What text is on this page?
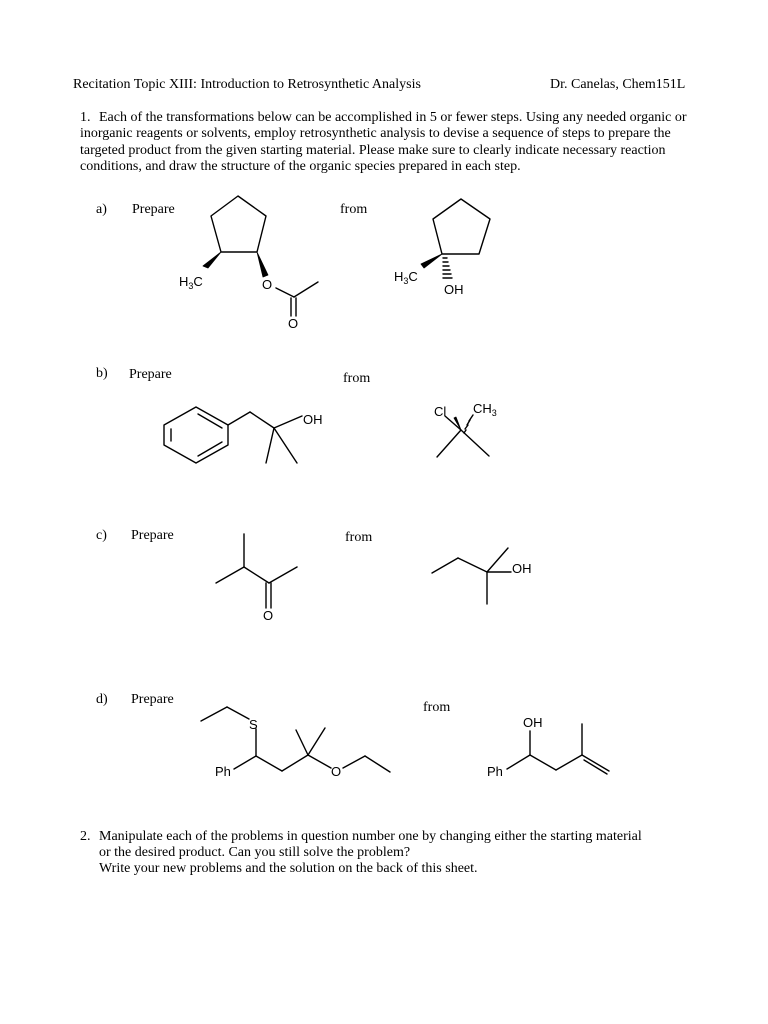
Recitation Topic XIII: Introduction to Retrosynthetic Analysis	Dr. Canelas, Chem151L
1. Each of the transformations below can be accomplished in 5 or fewer steps. Using any needed organic or inorganic reagents or solvents, employ retrosynthetic analysis to devise a sequence of steps to prepare the targeted product from the given starting material. Please make sure to clearly indicate necessary reaction conditions, and draw the structure of the organic species prepared in each step.
a) Prepare	from
b) Prepare	from
c) Prepare	from
d) Prepare
from
$H_3C$	O
O
$H_3C$
OH
OH
Cl $CH_3$
O
OH
S
Ph	O
OH
Ph
2. Manipulate each of the problems in question number one by changing either the starting material
or the desired product. Can you still solve the problem?
Write your new problems and the solution on the back of this sheet.
